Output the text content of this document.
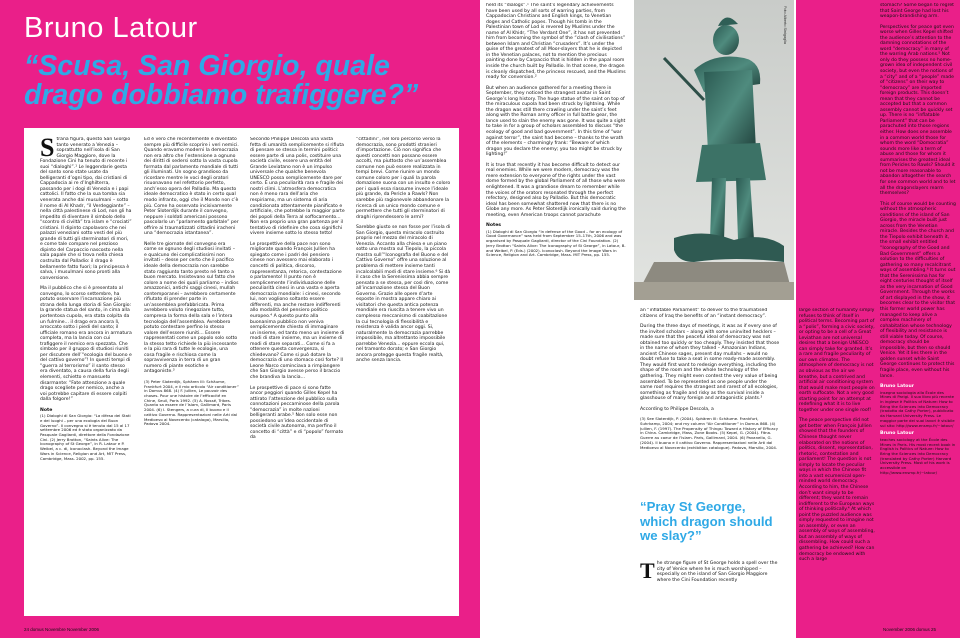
Bruno Latour
“Scusa, San Giorgio, quale drago dobbiamo trafiggere?”

Strana figura, questo San Giorgio tanto venerato a Venezia – soprattutto nell’isola di San Giorgio Maggiore, dove la Fondazione Cini ha tenuto di recente i suoi “dialoghi”.¹ Le leggendarie gesta del santo sono state usate da belligeranti d’ogni tipo, dai cristiani di Cappadocia ai re d’Inghilterra, passando per i dogi di Venezia e i papi cattolici. Il fatto che la sua tomba sia venerata anche dai musulmani – sotto il nome di Al Khadr, “il Verdeggiante” – nella città palestinese di Lod, non gli ha impedito di diventare il simbolo dello “scontro di civiltà” tra islam e “crociati” cristiani. Il dipinto capolavoro che nei palazzi veneziani sotto vesti del più grande di tutti gli sterminatori di mori, e come tale compare nel prezioso dipinto del Carpaccio nascosto nella sala papale che si trova nella chiesa costruita dal Palladio: il drago è bellamente fatto fuori; la principessa è salva, i musulmani sono pronti alla conversione.

Ma il pubblico che si è presentato al convegno, lo scorso settembre, ha potuto osservare l’incarnazione più strana della lunga storia di San Giorgio: la grande statua del santo, in cima alla portentosa cupola, era stata colpita da un fulmine... il drago era ancora lì, arroccato sotto i piedi del santo; il ufficiale romano era ancora in armatura completa, ma la lancia con cui trafiggere il nemico era spezzata. Che simbolo per il gruppo di studiosi riuniti per discutere dell’“ecologia del buono e del cattivo governo”! In questi tempi di “guerra al terrorismo” il santo stesso era diventato, a causa della furia degli elementi, schietto e mansueto disarmante: “Fate attenzione a quale drago scegliete per nemico, anche a voi potrebbe capitare di essere colpiti dalla folgore!”

Note
(1) Dialoghi di San Giorgio: “La difesa dei Stati e dei luoghi – per una ecologia del Buon Governo”. Il convegno si è tenuto dal 15 al 17 settembre 2006 ed è stato organizzato da Pasquale Gagliardi, direttore della Fondazione Cini. (2) Jerry Brotton, “Saints Alive: The Iconography of St George”, in R. Lataur e P. Weibel, a c. di, Iconoclash. Beyond the Image Wars in Science, Religion and Art, MIT Press, Cambridge, Mass. 2002, pp. 155.

Ed è vero che recentemente è diventato sempre più difficile scoprire i veri nemici. Quando eravamo moderni la democrazia non era altro che l’estensione a ognuno dei diritti di sedersi sotto la vasta cupola formata dal parlamento mondiale di tutti gli illuminati. Un sogno grandioso da ricordare mentre le voci degli oratori risuonavano nel refettorio perfetto, anch’esso opera del Palladio. Ma questo ideale democratico è stato in certo qual modo infranto, oggi che il Mondo non c’è più. Come ha osservato incisivamente Peter Sloterdijk durante il convegno, neppure i soldati americani possono pascolarlo un “parlamento garbitale” per offrire ai traumatizzati cittadini iracheni una “democrazia istantanea”.

Nelle tre giornate del convegno era come se ognuno degli studiosi invitati – e qualcuno dei complicatissimi non invitati – desse per certo che il pacifico ideale della democrazia non sarebbe stato raggiunto tanto presto né tanto a buon mercato. Insistevano sul fatto che colore a nome dei quali parliamo – indios amazzonici, antichi saggi cinesi, mullah contemporanei – avrebbero certamente rifiutato di prender parte in un’assemblea prefabbricata. Prima avrebbero voluto rinegoziare tutto, compresa la forma della sala e l’intera tecnologia dell’assemblea. Avrebbero potuto contestare perfino lo stesso valore dell’essere riuniti... Essere rappresentati come un popolo solo sotto la stesso tetto richiede la più incessante e la più rara di tutte le ecologie, una cosa fragile e rischiosa come la sopravvivenza in terra di un gran numero di piante esotiche e antagoniste.³

(3) Peter Sloterdijk, Sphären III: Schäume, Frankfurt 2004, e il mio articolo “Air conditioner” in Domus 868. (4) F. Jullien, Le pouvoir des choses. Pour une histoire de l’efficacité en Chine, Seuil, Paris 1992. (5) A. Nossé, Tribes. Quanto sa essere de l’Islam, Gallimard, Paris 2004. (6) I. Stengers, a cura di, Il buono e il cattivo Governo. Rappresentazioni nelle Arti dal Medioevo al Novecento (catalogo), Marsilio, Padova 2004.

Secondo Philippe Descola una vasta fetta di umanità semplicemente si rifiuta di pensare se stessa in termini politici: essere parte di una polis, costituire una società civile, essere una entità del Grande Leviatano non è un impulso universale che qualche benevola UNESCO possa semplicemente dare per certo. È una peculiarità rara e fragile dei nostri climi. L’atmosfera democratica non è meno rara dell’aria che respiriamo, ma un sistema di aria condizionata attentamente pianificato e artificiale, che potrebbe la maggior parte dei popoli della Terra al soffocamento... Non era proprio una gran partenza per il tentativo di ridefinire che cosa significhi vivere insieme sotto lo stesso tetto!

Le prospettive della pace non sono migliorate quando François Jullien ha spiegato come i padri dei pensiero cinese non avessero mai elaborato i concetti di politica, discorso, rappresentanza, retorica, contestazione o parlamento! Il punto non è semplicemente l’individuazione delle peculiarità cinesi in una vasta e aperta democrazia mondiale: i cinesi, secondo lui, non vogliono soltanto essere differenti, ma anche restare indifferenti allo modalità del pensiero politico europeo.⁴ A questo punto alla buonanima pubblico non veniva semplicemente chiesto di immaginare un insieme, ed tanto meno un insieme di modi di stare insieme, ma un insieme di modi di stare separati... Come si fa a ottenere questa convergenza, si chiedevano? Come si può dotare la democrazia di uno stomaco così forte? Il Leone Narco cominciava a rimpiangere che San Giorgio avesse perso il braccio che brandiva la lancia...

Le prospettive di pace si sono fatte ancor peggiori quando Gilles Kepel ha attirato l’attenzione del pubblico sulla connotazioni peccaminose della parola “democrazia” in molte nazioni belligeranti arabe.⁵ Non solo esse non possiedono un’idea occidentale di società civile autonoma, ma perfino il concetto di “città” e di “popolo” formato da

“cittadini”, nel loro percorso verso la democrazia, sono prodotti stranieri d’importazione. Ciò non significa che questi concetti non possano essere accolti, ma piuttosto che un’assemblea comune non può essere realizzata in tempi brevi. Come riunire un mondo comune coloro per i quali la parola domazione suona con un insulto e coloro per i quali essa riassume invece l’ideale più grande, da Pericle a Rawls? Non sarebbe più ragionevole abbandonare la ricerca di un unico mondo comune e permettere che tutti gli sterminatori di draghi riprendessero le armi?

Sarebbe giusto se non fosse per l’isola di San Giorgio, questa miracolo costruito proprio nel mezzo del miracolo di Venezia. Accanto alla chiesa e un piano sotto una mostra sul Tiepolo, la piccola mostra sull’“Iconografia del Buono e del Cattivo Governo” offre una soluzione al problema di mettere insieme tanti incalcolabili modi di stare insieme.⁶ Si dà il caso che la Serenissima abbia sempre pensato a se stessa, per così dire, come all’incarnazione stessa del Buon Governo. Grazie alle opere d’arte esposte in mostra appare chiaro ai visitatori che questa antica potenza mondiale era riuscita a tenere vivo un complesso meccanismo di coabitazione la cui tecnologia di flessibilità e resistenza è valida ancor oggi. Si, naturalmente la democrazia parrebbe impossibile, ma altrettanto impossibile parrebbe Venezia... eppure eccola qui, nel tramonto dorato; e San Giorgio ancora protegge questa fragile realtà, anche senza lancia.

24 domus Novembre November 2006

held its “dialogs”.¹ The saint’s legendary achievements have been used by all sorts of warring parties, from Cappadocian Christians and English kings, to Venetian doges and Catholic popes. Though his tomb in the Palestinian town of Lod is revered by Muslims under the name of Al Khidr, “The Verdant One”, it has not prevented him from becoming the symbol of the “clash of civilisations” between Islam and Christian “crusaders”. It’s under the guise of the greatest of all Moor-slayers that he is depicted in the Venetian palaces, not to mention the precious painting done by Carpaccio that is hidden in the papal room inside the church built by Palladio. In that scene, the dragon is cleanly dispatched, the princess rescued, and the Muslims ready for conversion.²

But when an audience gathered for a meeting there in September, they noticed the strangest avatar in Saint George’s long history. The huge statue of the saint on top of the miraculous cupola had been struck by lightning. While the dragon was still there crawling under the saint’s feet along with the Roman army officer in full battle gear, the lance used to slain the enemy was gone. It was quite a sight to take in for a group of scholars assembled to discuss “the ecology of good and bad government”. In this time of “war against terror”, the saint had become – thanks to the wrath of the elements – charmingly frank: “Beware of which dragon you declare the enemy; you too might be struck by lighting!”

It is true that recently it has become difficult to detect our real enemies. While we were modern, democracy was the mere extension to everyone of the rights under the vast dome formed by the global Parliament of all those who were enlightened. It was a grandiose dream to remember while the voices of the orators resonated through the perfect refectory, designed also by Palladio. But this democratic ideal has been somewhat shattered now that there is no Globe any more. As Peter Sloterdijk ironically said during the meeting, even American troops cannot parachute

Notes
(1) Dialoghi di San Giorgio “In defense of the Good – for an ecology of Good Governance” was held from September 15–17th, 2006 and was organised by Pasquale Gagliardi, director of the Cini Foundation. (2) Jerry Brotton “Saints Alive: The Iconography of St George”, in Latour, B. and Weibel, P. (Eds.) (2002). Iconoclash. Beyond the Image Wars in Science, Religion and Art. Cambridge, Mass. MIT Press, pp. 155.
Foto Alberto Sinigaglia

an “inflatable Parliament” to deliver to the traumatised citizens of Iraq the benefits of an “instant democracy”.

During the three days of meetings, it was as if every one of the invited scholars – along with some uninvited hecklers – made sure that the peaceful ideal of democracy was not obtained too quickly or too cheaply. They insisted that those in the name of whom they talked – Amazonian Indians, ancient Chinese sages, present day mullahs – would no doubt refuse to take a seat in some ready-made assembly. They would first want to redesign everything, including the shape of the room and the whole technology of the gathering. They might even contest the very value of being assembled. To be represented as one people under the same roof requires the strangest and rarest of all ecologies, something as fragile and risky as the survival inside a glasshouse of many foreign and antagonistic plants.³

According to Philippe Descola, a

(3) See Sloterdijk, P. (2004). Sphären III: Schäume. Frankfurt, Suhrkamp, 2004; and my column “Air Conditioner” in Domus 868. (4) Jullien, F. (1997). The Propensity of Things: Toward a History of Efficacy in China. Cambridge, Mass, Zone Books. (5) Kepel, G. (2004). Fitna. Guerre au coeur de l’Islam. Paris, Gallimard, 2004. (6) Pavanello, G. (2004). Il buono e il cattivo Governo. Rappresentazioni nelle Arti dal Medioevo al Novecento (exhibition catalogue). Padova, Marsilio, 2004.

large section of humanity simply refuses to think of itself in political terms. Becoming part of a “polis”, forming a civic society, or opting to be a cell of a Great Leviathan are not universal desires that a benign UNESCO can simply take for granted. It’s a rare and fragile peculiarity of our own climates. The atmosphere of democracy is not as obvious as the air we breathe, but a contrived and artificial air conditioning system that would make most people on earth suffocate. Not a very good starting point for an attempt at redefining what it is to live together under one single roof!

The peace perspective did not get better when François Jullien showed that the founders of Chinese thought never elaborated on the notions of politics, dissent, representation, rhetoric, contestation and parliament! The question is not simply to locate the peculiar ways in which the Chinese fit into a vast ecumenical open-minded world democracy. According to him, the Chinese don’t want simply to be different; they want to remain indifferent to the European ways of thinking politically.⁴ At which point the puzzled audience was simply requested to imagine not an assembly, or even an assembly of ways of assembling, but an assembly of ways of dissembling. How could such a gathering be achieved? How can democracy be endowed with such a large

stomach? Some began to regret that Saint George had lost his weapon-brandishing arm.

Perspectives for peace got even worse when Gilles Kepel shifted the audience’s attention to the damning connotations of the word “democracy” in many of the warring Arab nations.⁵ Not only do they possess no home-grown idea of independent civil society, but even the notions of a “city” and of a “people” made of “citizens” on their way to “democracy” are imported foreign products. This doesn’t mean that they cannot be accepted but that a common assembly cannot be quickly set up. There is no “inflatable Parliament” that can be parachuted into those regions either. How does one assemble in a common world those for whom the word “Domocratia” sounds more like a term of abuse and those for whom it summarises the greatest ideal from Pericles to Rawls? Should it not be more reasonable to abandon altogether the search for one common world and to let all the dragonslayers rearm themselves?

This of course would be counting without the atmospheric conditions of the island of San Giorgio, the miracle built just across from the Venetian miracle. Besides the church and the Tiepolo exhibit beneath it, the small exhibit entitled “Iconography of the Good and Bad Government” offers a solution to the difficulties of gathering so many recalcitrant ways of assembling.⁶ It turns out that the Serenissima has for eight centuries thought of itself as the very incarnation of Good Government. Through the works of art displayed in the show, it becomes clear to the visitor that this former world power has managed to keep alive a complex machinery of cohabitation whose technology of flexibility and resistance is still viable today. Of course, democracy should be impossible, but then so should Venice. Yet it lies there in the golden sunset while Saint George continues to protect this fragile place, even without his lance.

Bruno Latour
insegna sociologia alla École des Mines di Parigi. Il suo libro più recente in inglese è Politics of Nature: How to Bring the Sciences into Democracy (tradotto da Cathy Porter), pubblicato da Harvard University Press. Le maggior parte dei suoi lavori è visibile sul sito: http://www.ensmp.fr/~latour/
Bruno Latour
teaches sociology at the École des Mines in Paris. His most recent book in English is Politics of Nature: How to Bring the Sciences into Democracy (translated by Cathy Porter) Harvard University Press. Most of his work is accessible on http://www.ensmp.fr/~latour/
November 2006 domus 25
“Pray St George, which dragon should we slay?”
The strange figure of St George holds a spell over the city of Venice where he is much worshipped – especially on the island of San Giorgio Maggiore where the Cini Foundation recently
